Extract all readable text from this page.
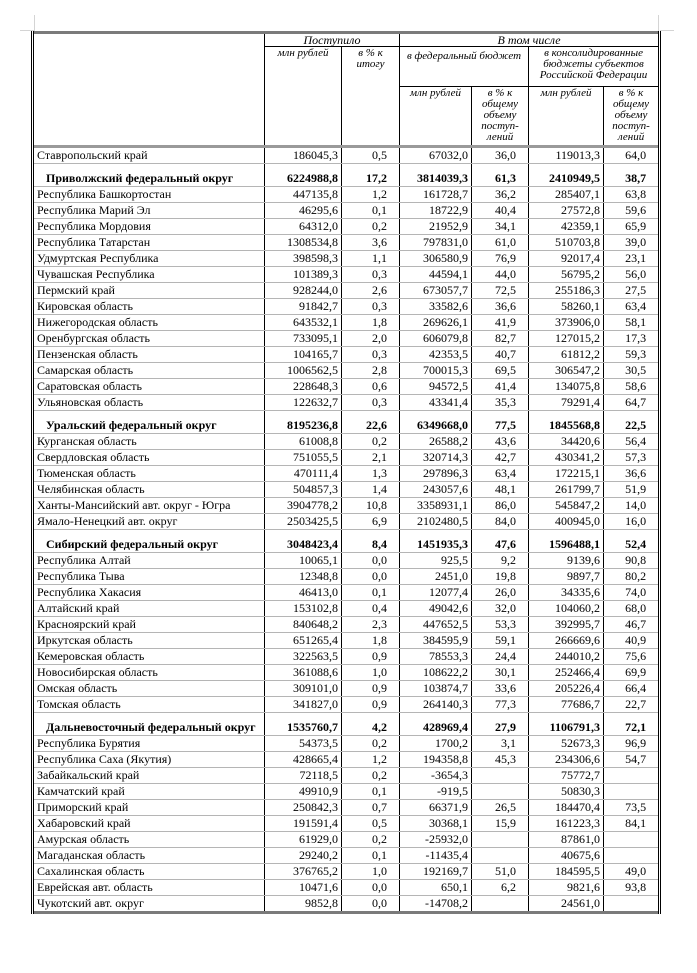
	Поступило		В том числе			
	млн рублей	в % к итогу	в федеральный бюджет		в консолидированные бюджеты субъектов Российской Федерации	
			млн рублей	в % к общему объему поступ-лений	млн рублей	в % к общему объему поступ-лений
Ставропольский край	186045,3	0,5	67032,0	36,0	119013,3	64,0
Приволжский федеральный округ	6224988,8	17,2	3814039,3	61,3	2410949,5	38,7
Республика Башкортостан	447135,8	1,2	161728,7	36,2	285407,1	63,8
Республика Марий Эл	46295,6	0,1	18722,9	40,4	27572,8	59,6
Республика Мордовия	64312,0	0,2	21952,9	34,1	42359,1	65,9
Республика Татарстан	1308534,8	3,6	797831,0	61,0	510703,8	39,0
Удмуртская Республика	398598,3	1,1	306580,9	76,9	92017,4	23,1
Чувашская Республика	101389,3	0,3	44594,1	44,0	56795,2	56,0
Пермский край	928244,0	2,6	673057,7	72,5	255186,3	27,5
Кировская область	91842,7	0,3	33582,6	36,6	58260,1	63,4
Нижегородская область	643532,1	1,8	269626,1	41,9	373906,0	58,1
Оренбургская область	733095,1	2,0	606079,8	82,7	127015,2	17,3
Пензенская область	104165,7	0,3	42353,5	40,7	61812,2	59,3
Самарская область	1006562,5	2,8	700015,3	69,5	306547,2	30,5
Саратовская область	228648,3	0,6	94572,5	41,4	134075,8	58,6
Ульяновская область	122632,7	0,3	43341,4	35,3	79291,4	64,7
Уральский федеральный округ	8195236,8	22,6	6349668,0	77,5	1845568,8	22,5
Курганская область	61008,8	0,2	26588,2	43,6	34420,6	56,4
Свердловская область	751055,5	2,1	320714,3	42,7	430341,2	57,3
Тюменская область	470111,4	1,3	297896,3	63,4	172215,1	36,6
Челябинская область	504857,3	1,4	243057,6	48,1	261799,7	51,9
Ханты-Мансийский авт. округ - Югра	3904778,2	10,8	3358931,1	86,0	545847,2	14,0
Ямало-Ненецкий авт. округ	2503425,5	6,9	2102480,5	84,0	400945,0	16,0
Сибирский федеральный округ	3048423,4	8,4	1451935,3	47,6	1596488,1	52,4
Республика Алтай	10065,1	0,0	925,5	9,2	9139,6	90,8
Республика Тыва	12348,8	0,0	2451,0	19,8	9897,7	80,2
Республика Хакасия	46413,0	0,1	12077,4	26,0	34335,6	74,0
Алтайский край	153102,8	0,4	49042,6	32,0	104060,2	68,0
Красноярский край	840648,2	2,3	447652,5	53,3	392995,7	46,7
Иркутская область	651265,4	1,8	384595,9	59,1	266669,6	40,9
Кемеровская область	322563,5	0,9	78553,3	24,4	244010,2	75,6
Новосибирская область	361088,6	1,0	108622,2	30,1	252466,4	69,9
Омская область	309101,0	0,9	103874,7	33,6	205226,4	66,4
Томская область	341827,0	0,9	264140,3	77,3	77686,7	22,7
Дальневосточный федеральный округ	1535760,7	4,2	428969,4	27,9	1106791,3	72,1
Республика Бурятия	54373,5	0,2	1700,2	3,1	52673,3	96,9
Республика Саха (Якутия)	428665,4	1,2	194358,8	45,3	234306,6	54,7
Забайкальский край	72118,5	0,2	-3654,3		75772,7	
Камчатский край	49910,9	0,1	-919,5		50830,3	
Приморский край	250842,3	0,7	66371,9	26,5	184470,4	73,5
Хабаровский край	191591,4	0,5	30368,1	15,9	161223,3	84,1
Амурская область	61929,0	0,2	-25932,0		87861,0	
Магаданская область	29240,2	0,1	-11435,4		40675,6	
Сахалинская область	376765,2	1,0	192169,7	51,0	184595,5	49,0
Еврейская авт. область	10471,6	0,0	650,1	6,2	9821,6	93,8
Чукотский авт. округ	9852,8	0,0	-14708,2		24561,0	
